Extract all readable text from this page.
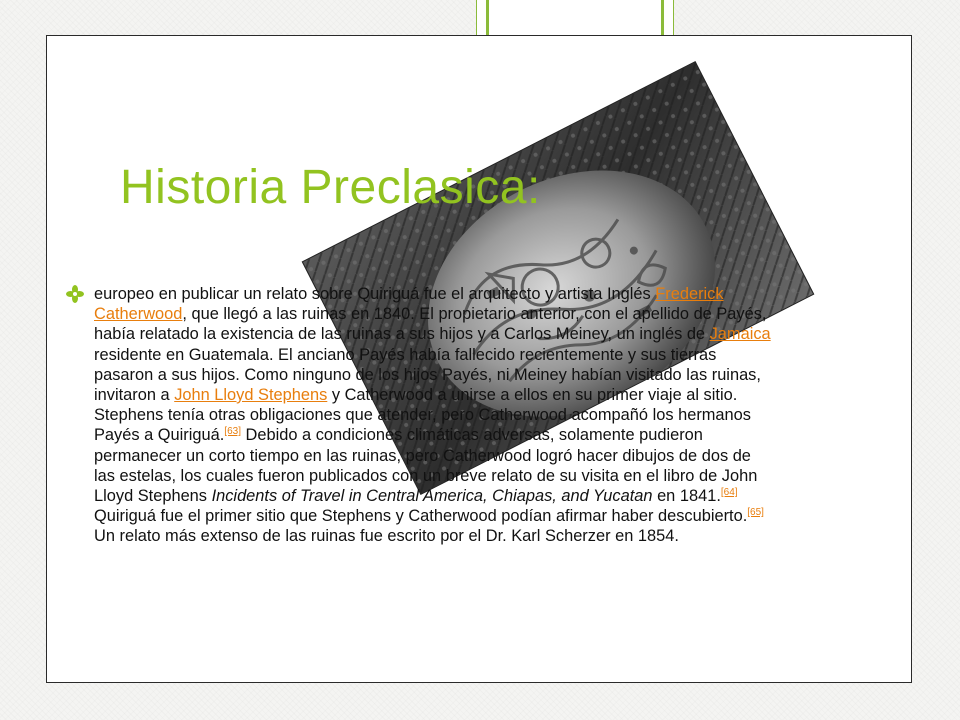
Historia Preclasica:

europeo en publicar un relato sobre Quiriguá fue el arquitecto y artista Inglés Frederick Catherwood, que llegó a las ruinas en 1840. El propietario anterior, con el apellido de Payés, había relatado la existencia de las ruinas a sus hijos y a Carlos Meiney, un inglés de Jamaica residente en Guatemala. El anciano Payés había fallecido recientemente y sus tierras pasaron a sus hijos. Como ninguno de los hijos Payés, ni Meiney habían visitado las ruinas, invitaron a John Lloyd Stephens y Catherwood a unirse a ellos en su primer viaje al sitio. Stephens tenía otras obligaciones que atender, pero Catherwood acompañó los hermanos Payés a Quiriguá.[63] Debido a condiciones climáticas adversas, solamente pudieron permanecer un corto tiempo en las ruinas, pero Catherwood logró hacer dibujos de dos de las estelas, los cuales fueron publicados con un breve relato de su visita en el libro de John Lloyd Stephens Incidents of Travel in Central America, Chiapas, and Yucatan en 1841.[64] Quiriguá fue el primer sitio que Stephens y Catherwood podían afirmar haber descubierto.[65] Un relato más extenso de las ruinas fue escrito por el Dr. Karl Scherzer en 1854.
